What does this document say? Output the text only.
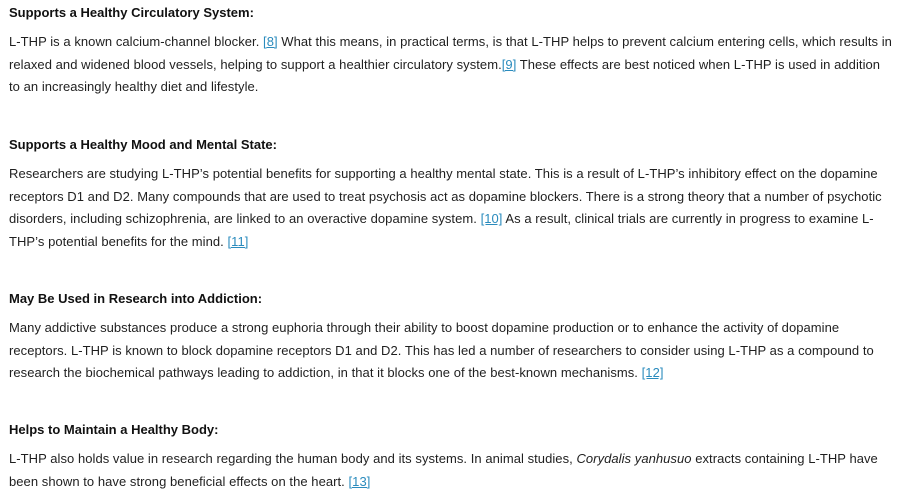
Supports a Healthy Circulatory System:

L-THP is a known calcium-channel blocker. [8] What this means, in practical terms, is that L-THP helps to prevent calcium entering cells, which results in relaxed and widened blood vessels, helping to support a healthier circulatory system.[9] These effects are best noticed when L-THP is used in addition to an increasingly healthy diet and lifestyle.

Supports a Healthy Mood and Mental State:

Researchers are studying L-THP’s potential benefits for supporting a healthy mental state. This is a result of L-THP’s inhibitory effect on the dopamine receptors D1 and D2. Many compounds that are used to treat psychosis act as dopamine blockers. There is a strong theory that a number of psychotic disorders, including schizophrenia, are linked to an overactive dopamine system. [10] As a result, clinical trials are currently in progress to examine L-THP’s potential benefits for the mind. [11]

May Be Used in Research into Addiction:

Many addictive substances produce a strong euphoria through their ability to boost dopamine production or to enhance the activity of dopamine receptors. L-THP is known to block dopamine receptors D1 and D2. This has led a number of researchers to consider using L-THP as a compound to research the biochemical pathways leading to addiction, in that it blocks one of the best-known mechanisms. [12]

Helps to Maintain a Healthy Body:

L-THP also holds value in research regarding the human body and its systems. In animal studies, Corydalis yanhusuo extracts containing L-THP have been shown to have strong beneficial effects on the heart. [13]
